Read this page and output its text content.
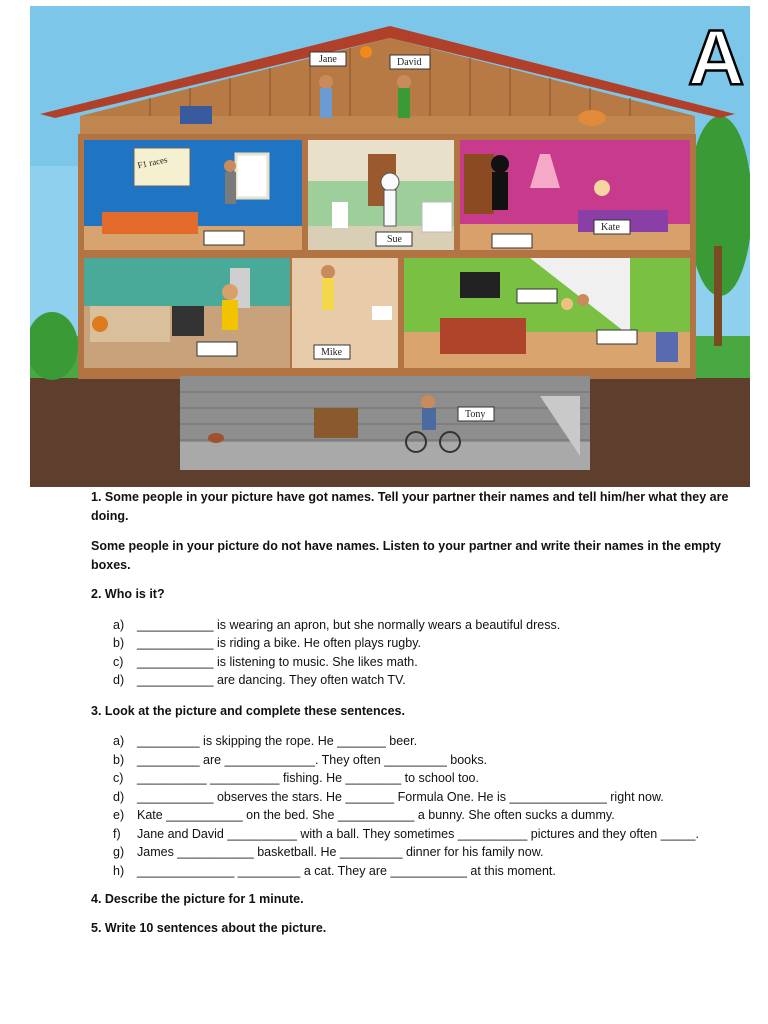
F1 races
Jane	David
Sue
Kate
Mike
Tony
A

1. Some people in your picture have got names. Tell your partner their names and tell him/her what they are doing.

Some people in your picture do not have names. Listen to your partner and write their names in the empty boxes.

2. Who is it?

a) ___________ is wearing an apron, but she normally wears a beautiful dress.
b) ___________ is riding a bike. He often plays rugby.
c) ___________ is listening to music. She likes math.
d) ___________ are dancing. They often watch TV.

3. Look at the picture and complete these sentences.

a) _________ is skipping the rope. He _______ beer.
b) _________ are _____________. They often _________ books.
c) __________ __________ fishing. He ________ to school too.
d) ___________ observes the stars. He _______ Formula One. He is ______________ right now.
e) Kate ___________ on the bed. She ___________ a bunny. She often sucks a dummy.
f) Jane and David __________ with a ball. They sometimes __________ pictures and they often _____.
g) James ___________ basketball. He _________ dinner for his family now.
h) ______________ _________ a cat. They are ___________ at this moment.

4. Describe the picture for 1 minute.

5. Write 10 sentences about the picture.
